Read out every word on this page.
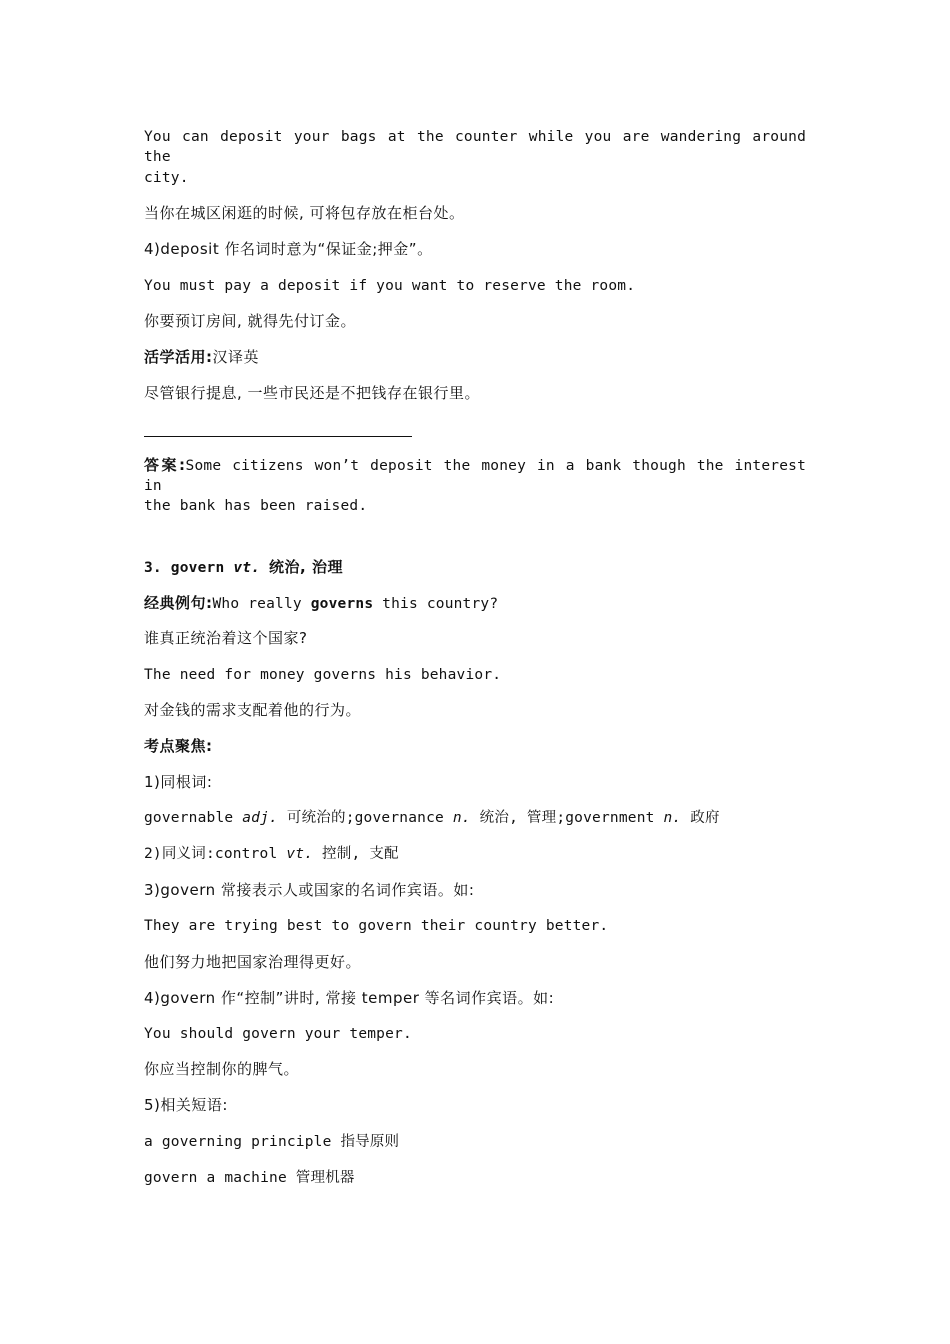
You can deposit your bags at the counter while you are wandering around the

city.

当你在城区闲逛的时候, 可将包存放在柜台处。

4)deposit 作名词时意为“保证金;押金”。

You must pay a deposit if you want to reserve the room.

你要预订房间, 就得先付订金。

活学活用:汉译英

尽管银行提息, 一些市民还是不把钱存在银行里。

答案:Some citizens won’t deposit the money in a bank though the interest in

the bank has been raised.

3. govern vt. 统治, 治理

经典例句:Who really governs this country?

谁真正统治着这个国家?

The need for money governs his behavior.

对金钱的需求支配着他的行为。

考点聚焦:

1)同根词:

governable adj. 可统治的;governance n. 统治, 管理;government n. 政府

2)同义词:control vt. 控制, 支配

3)govern 常接表示人或国家的名词作宾语。如:

They are trying best to govern their country better.

他们努力地把国家治理得更好。

4)govern 作“控制”讲时, 常接 temper 等名词作宾语。如:

You should govern your temper.

你应当控制你的脾气。

5)相关短语:

a governing principle 指导原则

govern a machine 管理机器
